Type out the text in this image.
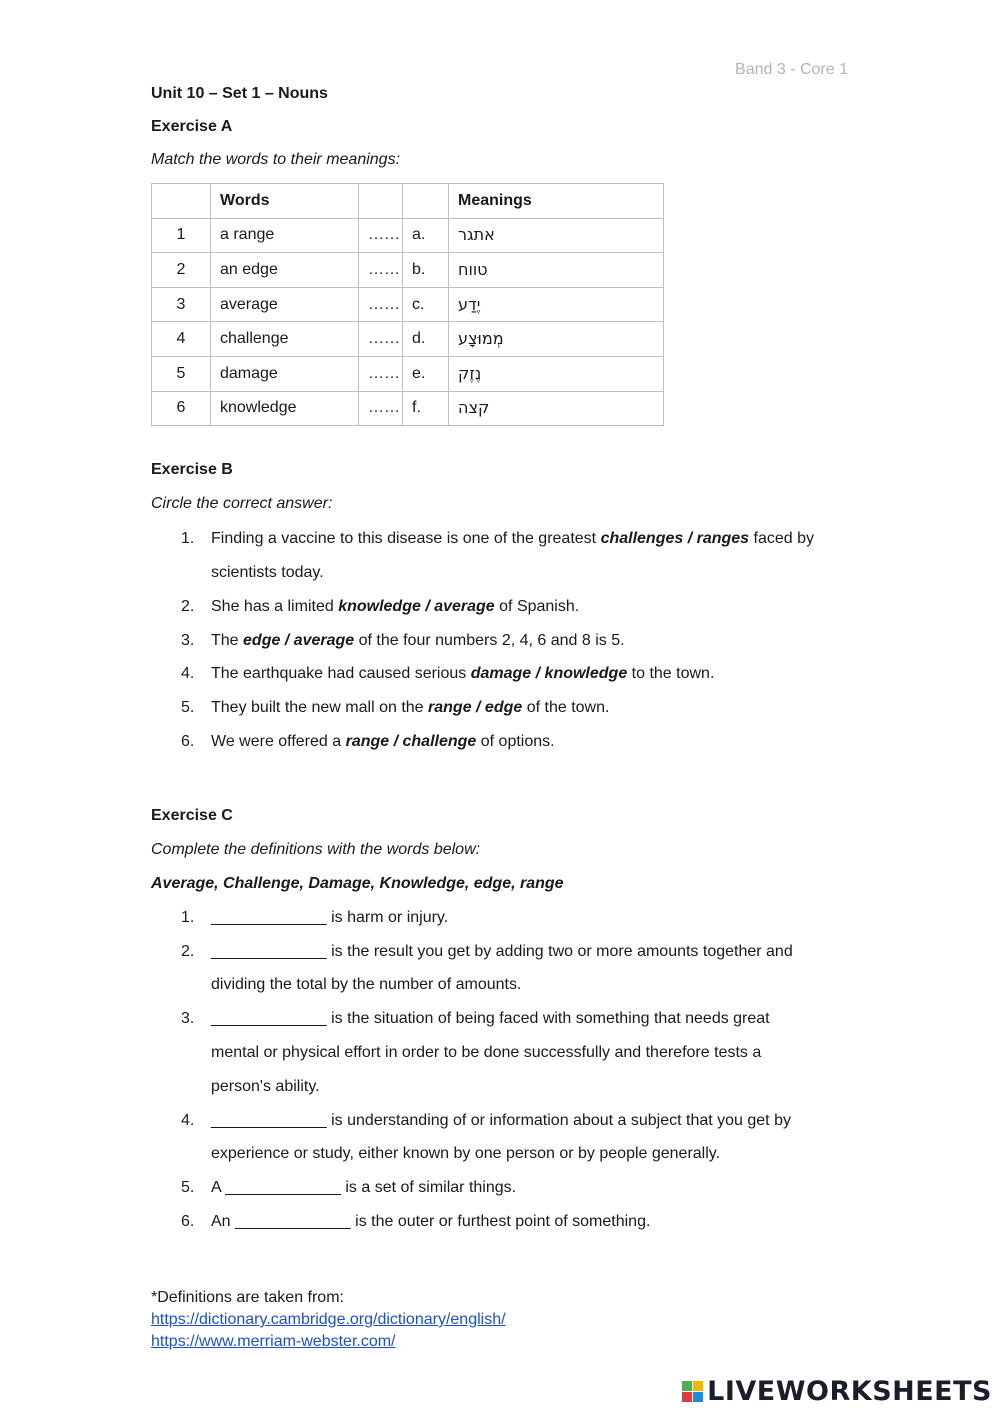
Band 3 - Core 1

Unit 10 – Set 1 – Nouns

Exercise A

Match the words to their meanings:

	Words			Meanings
1	a range	……	a.	אתגר
2	an edge	……	b.	טווח
3	average	……	c.	יֶדַע
4	challenge	……	d.	מְמוּצָע
5	damage	……	e.	נֶזֶק
6	knowledge	……	f.	קצה

Exercise B

Circle the correct answer:

1. Finding a vaccine to this disease is one of the greatest challenges / ranges faced by
scientists today.
2. She has a limited knowledge / average of Spanish.
3. The edge / average of the four numbers 2, 4, 6 and 8 is 5.
4. The earthquake had caused serious damage / knowledge to the town.
5. They built the new mall on the range / edge of the town.
6. We were offered a range / challenge of options.

Exercise C

Complete the definitions with the words below:

Average, Challenge, Damage, Knowledge, edge, range

1. _____________ is harm or injury.
2. _____________ is the result you get by adding two or more amounts together and
dividing the total by the number of amounts.
3. _____________ is the situation of being faced with something that needs great
mental or physical effort in order to be done successfully and therefore tests a
person's ability.
4. _____________ is understanding of or information about a subject that you get by
experience or study, either known by one person or by people generally.
5. A _____________ is a set of similar things.
6. An _____________ is the outer or furthest point of something.
*Definitions are taken from:
https://dictionary.cambridge.org/dictionary/english/
https://www.merriam-webster.com/
LIVEWORKSHEETS
